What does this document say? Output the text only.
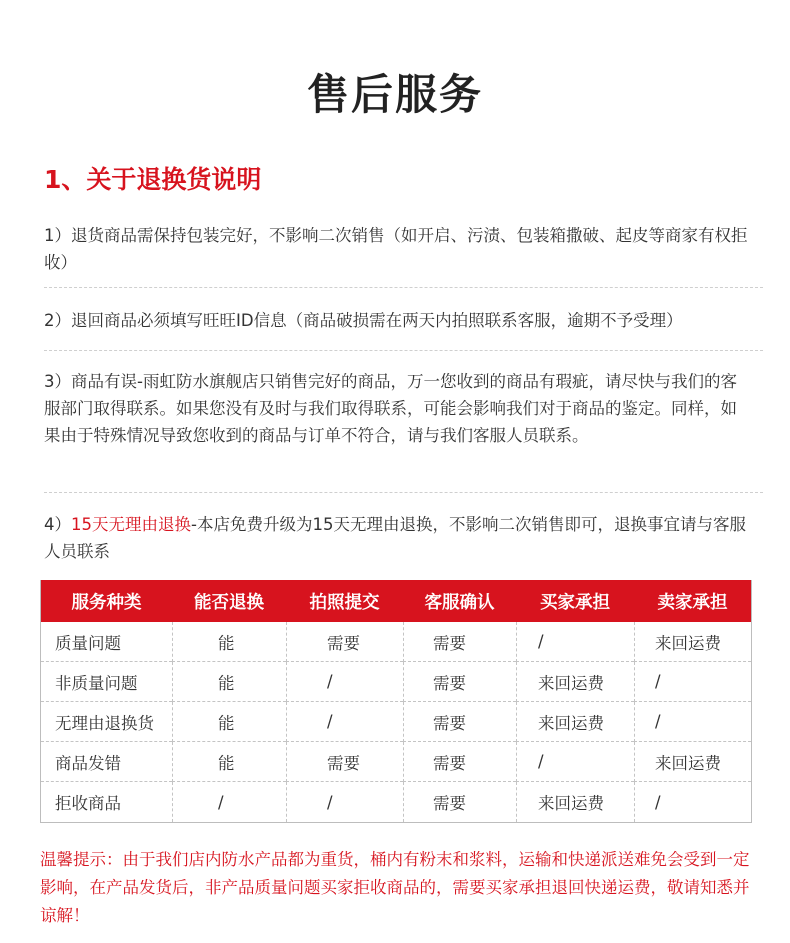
售后服务
1、关于退换货说明
1）退货商品需保持包装完好，不影响二次销售（如开启、污渍、包装箱撒破、起皮等商家有权拒收）
2）退回商品必须填写旺旺ID信息（商品破损需在两天内拍照联系客服，逾期不予受理）
3）商品有误-雨虹防水旗舰店只销售完好的商品，万一您收到的商品有瑕疵，请尽快与我们的客服部门取得联系。如果您没有及时与我们取得联系，可能会影响我们对于商品的鉴定。同样，如果由于特殊情况导致您收到的商品与订单不符合，请与我们客服人员联系。
4）15天无理由退换-本店免费升级为15天无理由退换，不影响二次销售即可，退换事宜请与客服人员联系
服务种类	能否退换	拍照提交	客服确认	买家承担	卖家承担
质量问题	能	需要	需要	/	来回运费
非质量问题	能	/	需要	来回运费	/
无理由退换货	能	/	需要	来回运费	/
商品发错	能	需要	需要	/	来回运费
拒收商品	/	/	需要	来回运费	/
温馨提示：由于我们店内防水产品都为重货，桶内有粉末和浆料，运输和快递派送难免会受到一定影响，在产品发货后，非产品质量问题买家拒收商品的，需要买家承担退回快递运费，敬请知悉并谅解！
